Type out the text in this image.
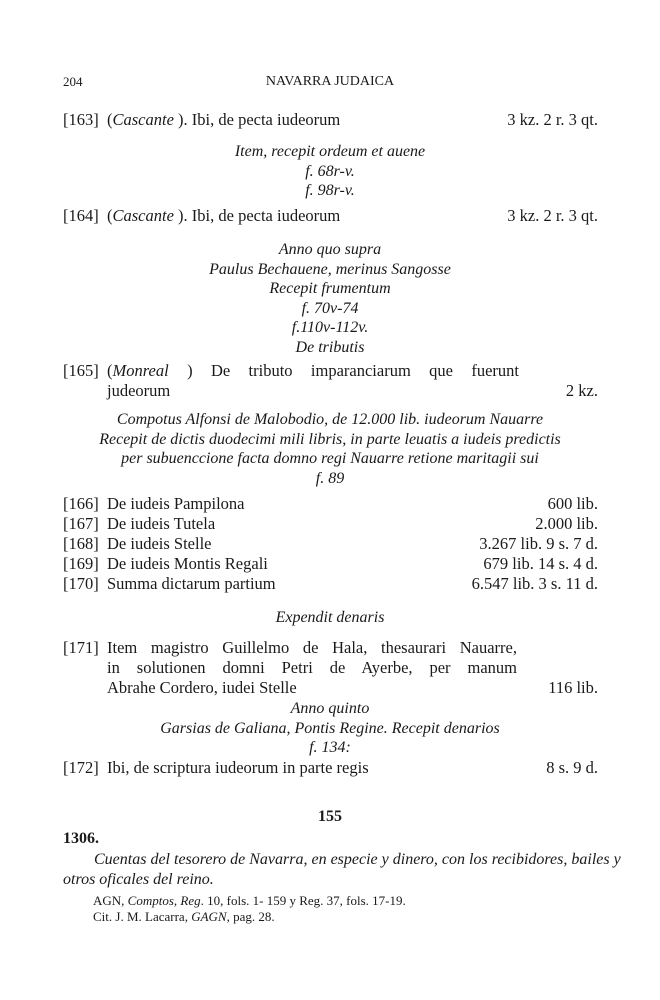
204	NAVARRA JUDAICA
[163] (Cascante ). Ibi, de pecta iudeorum	3 kz. 2 r. 3 qt.
Item, recepit ordeum et auene
f. 68r-v.
f. 98r-v.
[164] (Cascante ). Ibi, de pecta iudeorum	3 kz. 2 r. 3 qt.
Anno quo supra
Paulus Bechauene, merinus Sangosse
Recepit frumentum
f. 70v-74
f.110v-112v.
De tributis
[165] (Monreal ) De tributo imparanciarum que fuerunt
judeorum	2 kz.
Compotus Alfonsi de Malobodio, de 12.000 lib. iudeorum Nauarre
Recepit de dictis duodecimi mili libris, in parte leuatis a iudeis predictis
per subuenccione facta domno regi Nauarre retione maritagii sui
f. 89
[166] De iudeis Pampilona	600 lib.
[167] De iudeis Tutela	2.000 lib.
[168] De iudeis Stelle	3.267 lib. 9 s. 7 d.
[169] De iudeis Montis Regali	679 lib. 14 s. 4 d.
[170] Summa dictarum partium	6.547 lib. 3 s. 11 d.
Expendit denaris
[171] Item magistro Guillelmo de Hala, thesaurari Nauarre,
in solutionen domni Petri de Ayerbe, per manum
Abrahe Cordero, iudei Stelle	116 lib.
Anno quinto
Garsias de Galiana, Pontis Regine. Recepit denarios
f. 134:
[172] Ibi, de scriptura iudeorum in parte regis	8 s. 9 d.
155
1306.
Cuentas del tesorero de Navarra, en especie y dinero, con los recibidores, bailes y
otros oficales del reino.
AGN, Comptos, Reg. 10, fols. 1- 159 y Reg. 37, fols. 17-19.
Cit. J. M. Lacarra, GAGN, pag. 28.
